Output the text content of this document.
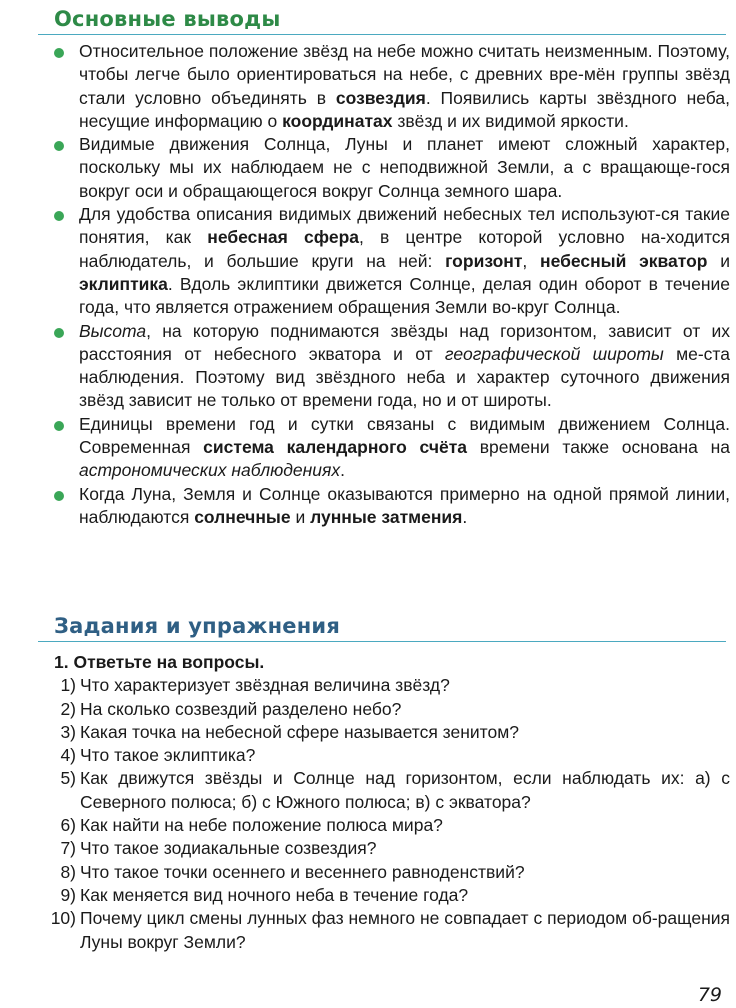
Основные выводы
Относительное положение звёзд на небе можно считать неизменным. Поэтому, чтобы легче было ориентироваться на небе, с древних вре-мён группы звёзд стали условно объединять в созвездия. Появились карты звёздного неба, несущие информацию о координатах звёзд и их видимой яркости.
Видимые движения Солнца, Луны и планет имеют сложный характер, поскольку мы их наблюдаем не с неподвижной Земли, а с вращающе-гося вокруг оси и обращающегося вокруг Солнца земного шара.
Для удобства описания видимых движений небесных тел используют-ся такие понятия, как небесная сфера, в центре которой условно на-ходится наблюдатель, и большие круги на ней: горизонт, небесный экватор и эклиптика. Вдоль эклиптики движется Солнце, делая один оборот в течение года, что является отражением обращения Земли во-круг Солнца.
Высота, на которую поднимаются звёзды над горизонтом, зависит от их расстояния от небесного экватора и от географической широты ме-ста наблюдения. Поэтому вид звёздного неба и характер суточного движения звёзд зависит не только от времени года, но и от широты.
Единицы времени год и сутки связаны с видимым движением Солнца. Современная система календарного счёта времени также основана на астрономических наблюдениях.
Когда Луна, Земля и Солнце оказываются примерно на одной прямой линии, наблюдаются солнечные и лунные затмения.
Задания и упражнения
1. Ответьте на вопросы.
1) Что характеризует звёздная величина звёзд?
2) На сколько созвездий разделено небо?
3) Какая точка на небесной сфере называется зенитом?
4) Что такое эклиптика?
5) Как движутся звёзды и Солнце над горизонтом, если наблюдать их: а) с Северного полюса; б) с Южного полюса; в) с экватора?
6) Как найти на небе положение полюса мира?
7) Что такое зодиакальные созвездия?
8) Что такое точки осеннего и весеннего равноденствий?
9) Как меняется вид ночного неба в течение года?
10) Почему цикл смены лунных фаз немного не совпадает с периодом об-ращения Луны вокруг Земли?
79
